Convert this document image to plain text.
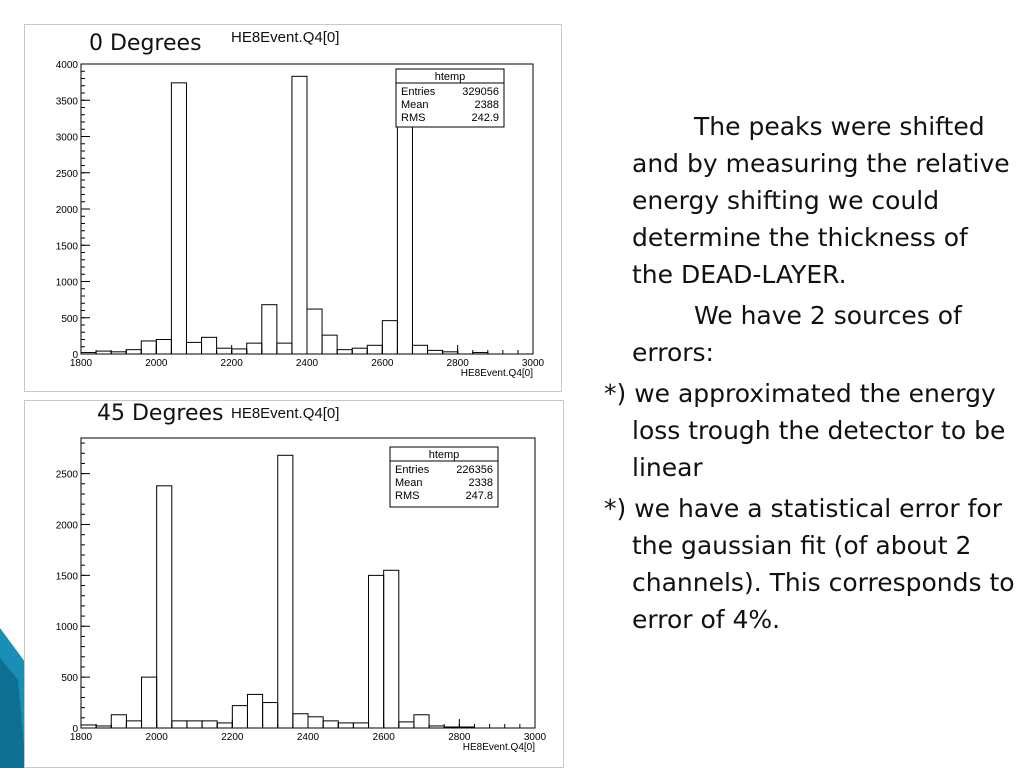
0
500
1000
1500
2000
2500
3000
3500
4000
1800	2000	2200	2400	2600	2800	3000
HE8Event.Q4[0]
htemp
Entries 329056
Mean	2388
RMS	242.9
0 Degrees HE8Event.Q4[0]
0
500
1000
1500
2000
2500
1800	2000	2200	2400	2600	2800	3000
HE8Event.Q4[0]
htemp
Entries 226356
Mean	2338
RMS	247.8
45 Degrees HE8Event.Q4[0]

The peaks were shifted and by measuring the relative energy shifting we could determine the thickness of the DEAD-LAYER.

We have 2 sources of errors:

*) we approximated the energy loss trough the detector to be linear

*) we have a statistical error for the gaussian fit (of about 2 channels). This corresponds to error of 4%.
